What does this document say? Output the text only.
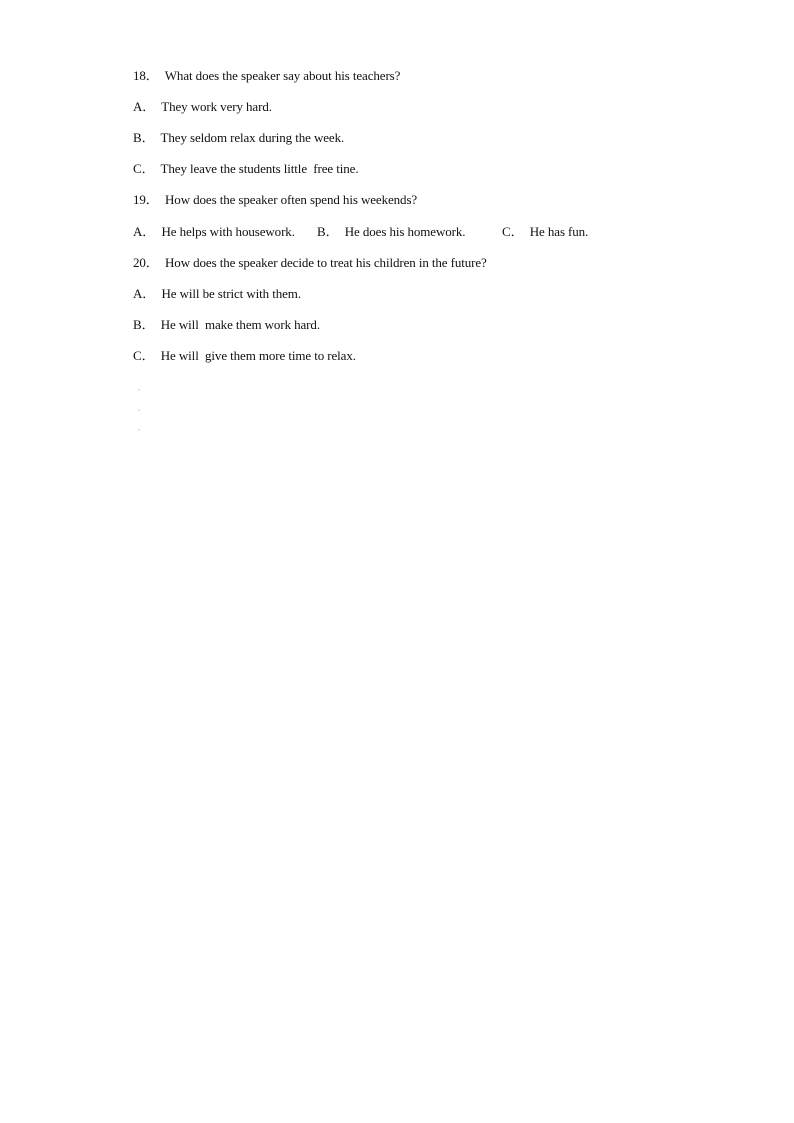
18．  What does the speaker say about his teachers?
A．  They work very hard.
B．  They seldom relax during the week.
C．  They leave the students little  free tine.
19．  How does the speaker often spend his weekends?

A．  He helps with housework.

B．  He does his homework.

	C．  He has fun.

20．  How does the speaker decide to treat his children in the future?
A．  He will be strict with them.
B．  He will  make them work hard.
C．  He will  give them more time to relax.
